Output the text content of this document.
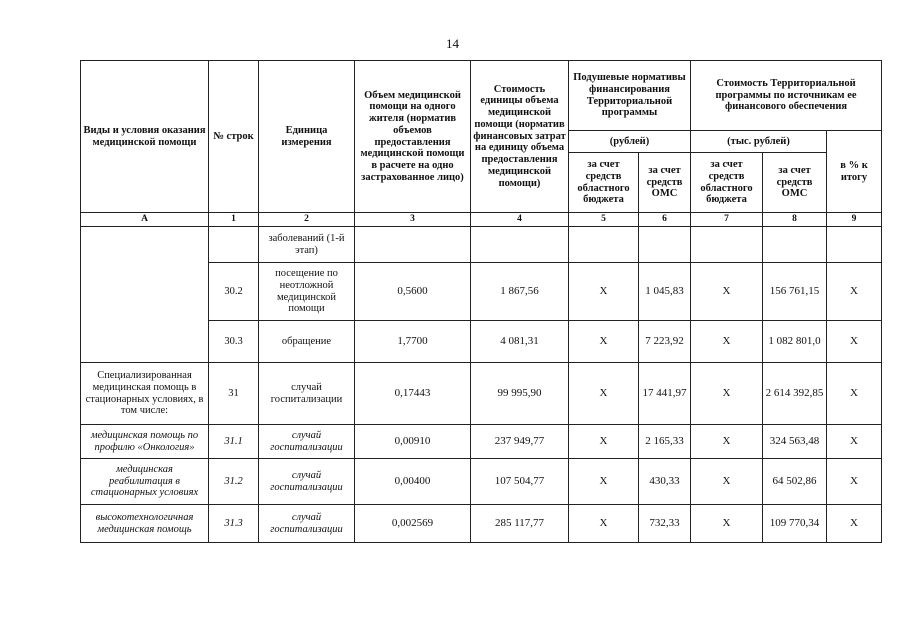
14
Виды и условия оказания медицинской помощи	№ строк	Единица измерения	Объем медицинской помощи на одного жителя (норматив объемов предоставления медицинской помощи в расчете на одно застрахованное лицо)	Стоимость единицы объема медицинской помощи (норматив финансовых затрат на единицу объема предоставления медицинской помощи)	Подушевые нормативы финансирования Территориальной программы		Стоимость Территориальной программы по источникам ее финансового обеспечения		
					(рублей)		(тыс. рублей)		в % к итогу
					за счет средств областного бюджета	за счет средств ОМС	за счет средств областного бюджета	за счет средств ОМС	
А	1	2	3	4	5	6	7	8	9
		заболеваний (1-й этап)							
	30.2	посещение по неотложной медицинской помощи	0,5600	1 867,56	X	1 045,83	X	156 761,15	X
	30.3	обращение	1,7700	4 081,31	X	7 223,92	X	1 082 801,0	X
Специализированная медицинская помощь в стационарных условиях, в том числе:	31	случай госпитализации	0,17443	99 995,90	X	17 441,97	X	2 614 392,85	X
медицинская помощь по профилю «Онкология»	31.1	случай госпитализации	0,00910	237 949,77	X	2 165,33	X	324 563,48	X
медицинская реабилитация в стационарных условиях	31.2	случай госпитализации	0,00400	107 504,77	X	430,33	X	64 502,86	X
высокотехнологичная медицинская помощь	31.3	случай госпитализации	0,002569	285 117,77	X	732,33	X	109 770,34	X
